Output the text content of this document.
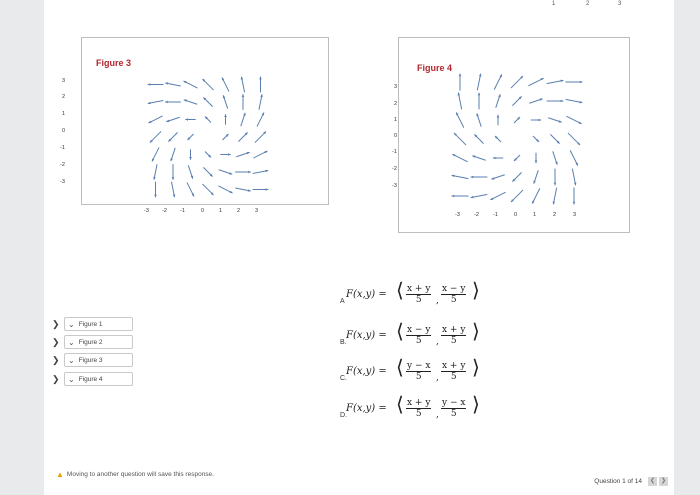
1	2	3
Figure 3
3
2
1
0
-1
-2
-3
-3 -2 -1	0	1	2	3
Figure 4
3
2
1
0
-1
-2
-3
-3	-2	-1	0	1	2	3
❯	⌄ Figure 1
❯	⌄ Figure 2
❯	⌄ Figure 3
❯	⌄ Figure 4
A
F(x,y) = ⟨ $\frac{x + y}{5}$ , $\frac{x - y}{5}$ ⟩
B.
F(x,y) = ⟨ $\frac{x - y}{5}$ , $\frac{x + y}{5}$ ⟩
C.
F(x,y) = ⟨ $\frac{y - x}{5}$ , $\frac{x + y}{5}$ ⟩
D.
F(x,y) = ⟨ $\frac{x + y}{5}$ , $\frac{y - x}{5}$ ⟩
▲ Moving to another question will save this response.
Question 1 of 14	❮ ❯
